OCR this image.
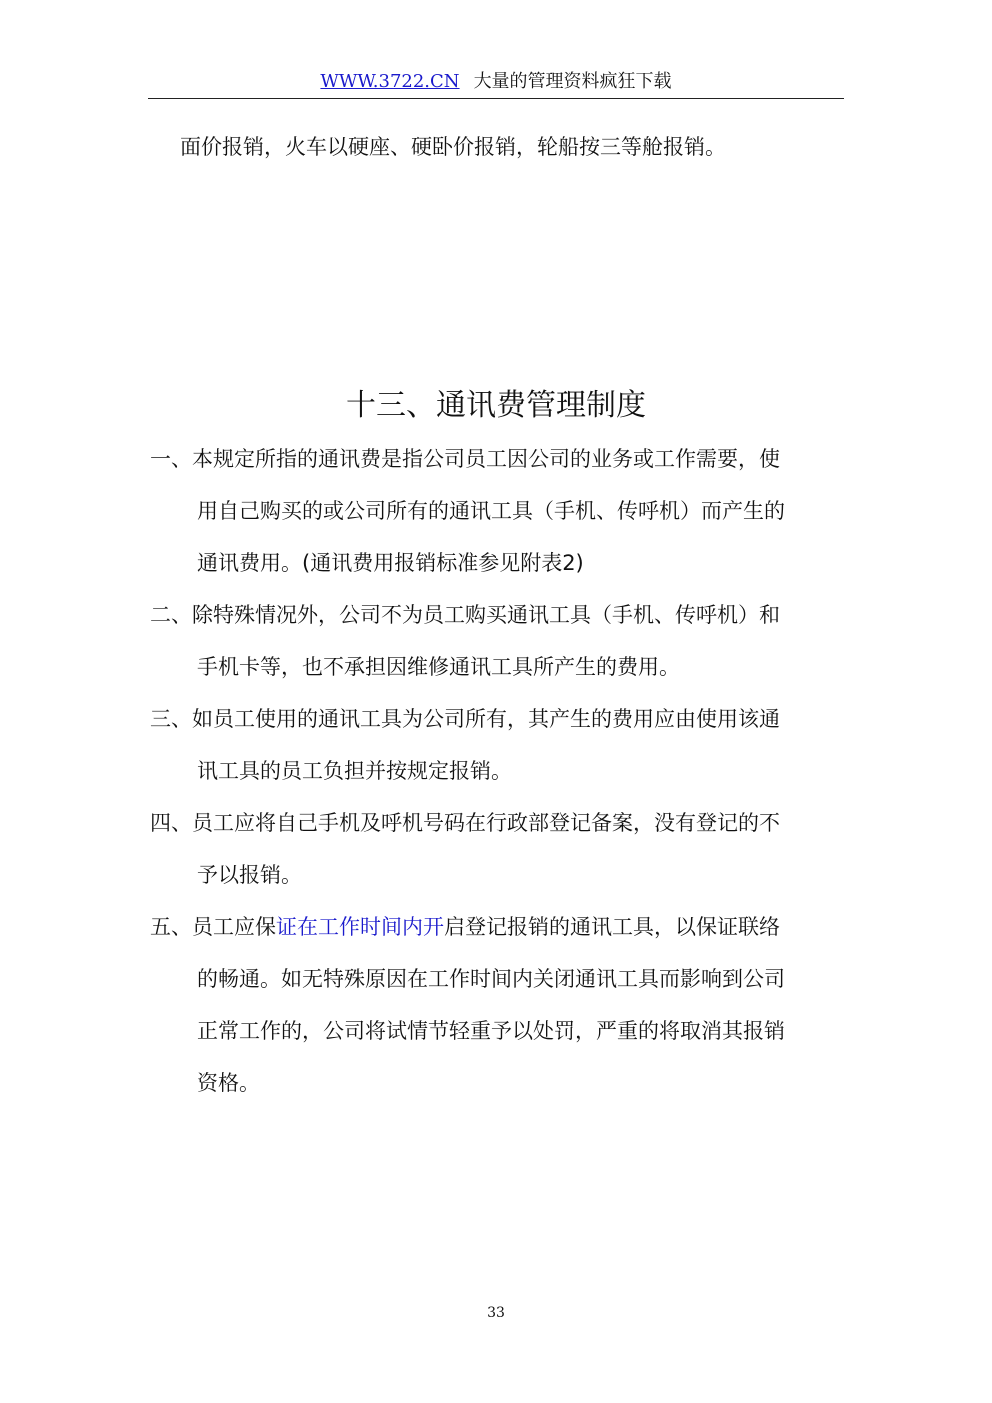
WWW.3722.CN 大量的管理资料疯狂下载
面价报销，火车以硬座、硬卧价报销，轮船按三等舱报销。
十三、通讯费管理制度
一、本规定所指的通讯费是指公司员工因公司的业务或工作需要，使
用自己购买的或公司所有的通讯工具（手机、传呼机）而产生的
通讯费用。(通讯费用报销标准参见附表2)
二、除特殊情况外，公司不为员工购买通讯工具（手机、传呼机）和
手机卡等，也不承担因维修通讯工具所产生的费用。
三、如员工使用的通讯工具为公司所有，其产生的费用应由使用该通
讯工具的员工负担并按规定报销。
四、员工应将自己手机及呼机号码在行政部登记备案，没有登记的不
予以报销。
五、员工应保证在工作时间内开启登记报销的通讯工具，以保证联络
的畅通。如无特殊原因在工作时间内关闭通讯工具而影响到公司
正常工作的，公司将试情节轻重予以处罚，严重的将取消其报销
资格。
33
